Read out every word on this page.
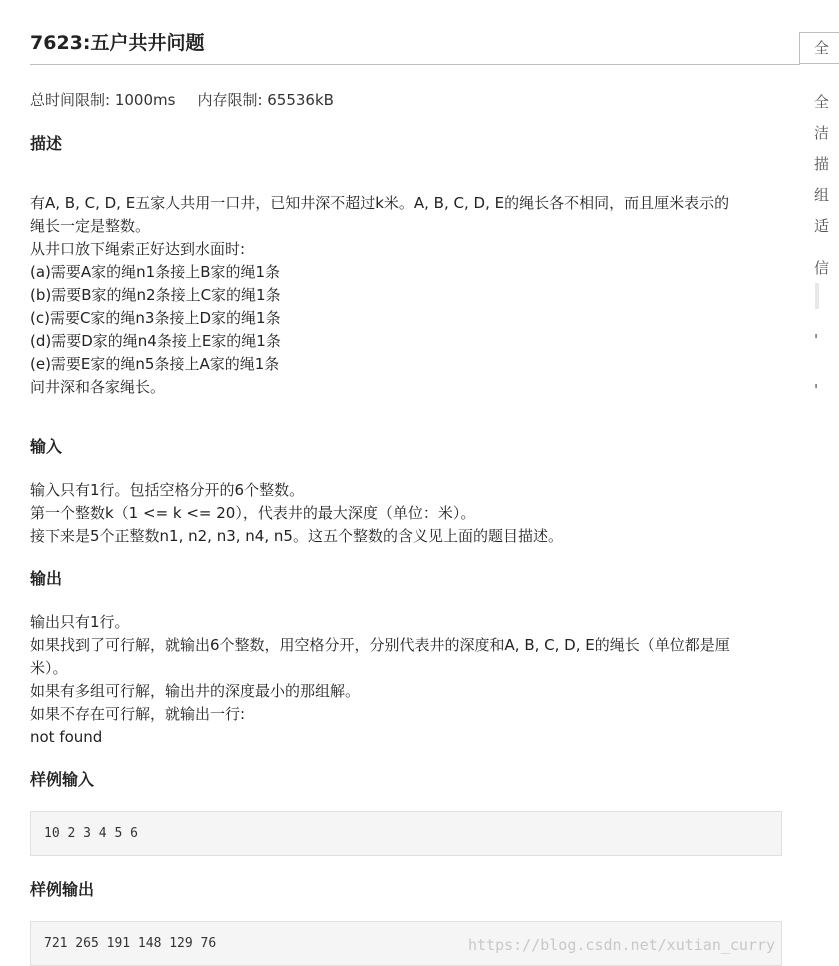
7623:五户共井问题
总时间限制: 1000ms 内存限制: 65536kB
描述
有A, B, C, D, E五家人共用一口井，已知井深不超过k米。A, B, C, D, E的绳长各不相同，而且厘米表示的
绳长一定是整数。
从井口放下绳索正好达到水面时:
(a)需要A家的绳n1条接上B家的绳1条
(b)需要B家的绳n2条接上C家的绳1条
(c)需要C家的绳n3条接上D家的绳1条
(d)需要D家的绳n4条接上E家的绳1条
(e)需要E家的绳n5条接上A家的绳1条
问井深和各家绳长。
输入
输入只有1行。包括空格分开的6个整数。
第一个整数k（1 <= k <= 20），代表井的最大深度（单位：米）。
接下来是5个正整数n1, n2, n3, n4, n5。这五个整数的含义见上面的题目描述。
输出
输出只有1行。
如果找到了可行解，就输出6个整数，用空格分开，分别代表井的深度和A, B, C, D, E的绳长（单位都是厘
米）。
如果有多组可行解，输出井的深度最小的那组解。
如果不存在可行解，就输出一行:
not found
样例输入
10 2 3 4 5 6
样例输出
721 265 191 148 129 76
全
全
洁
描
组
适
信
'
'
https://blog.csdn.net/xutian_curry
